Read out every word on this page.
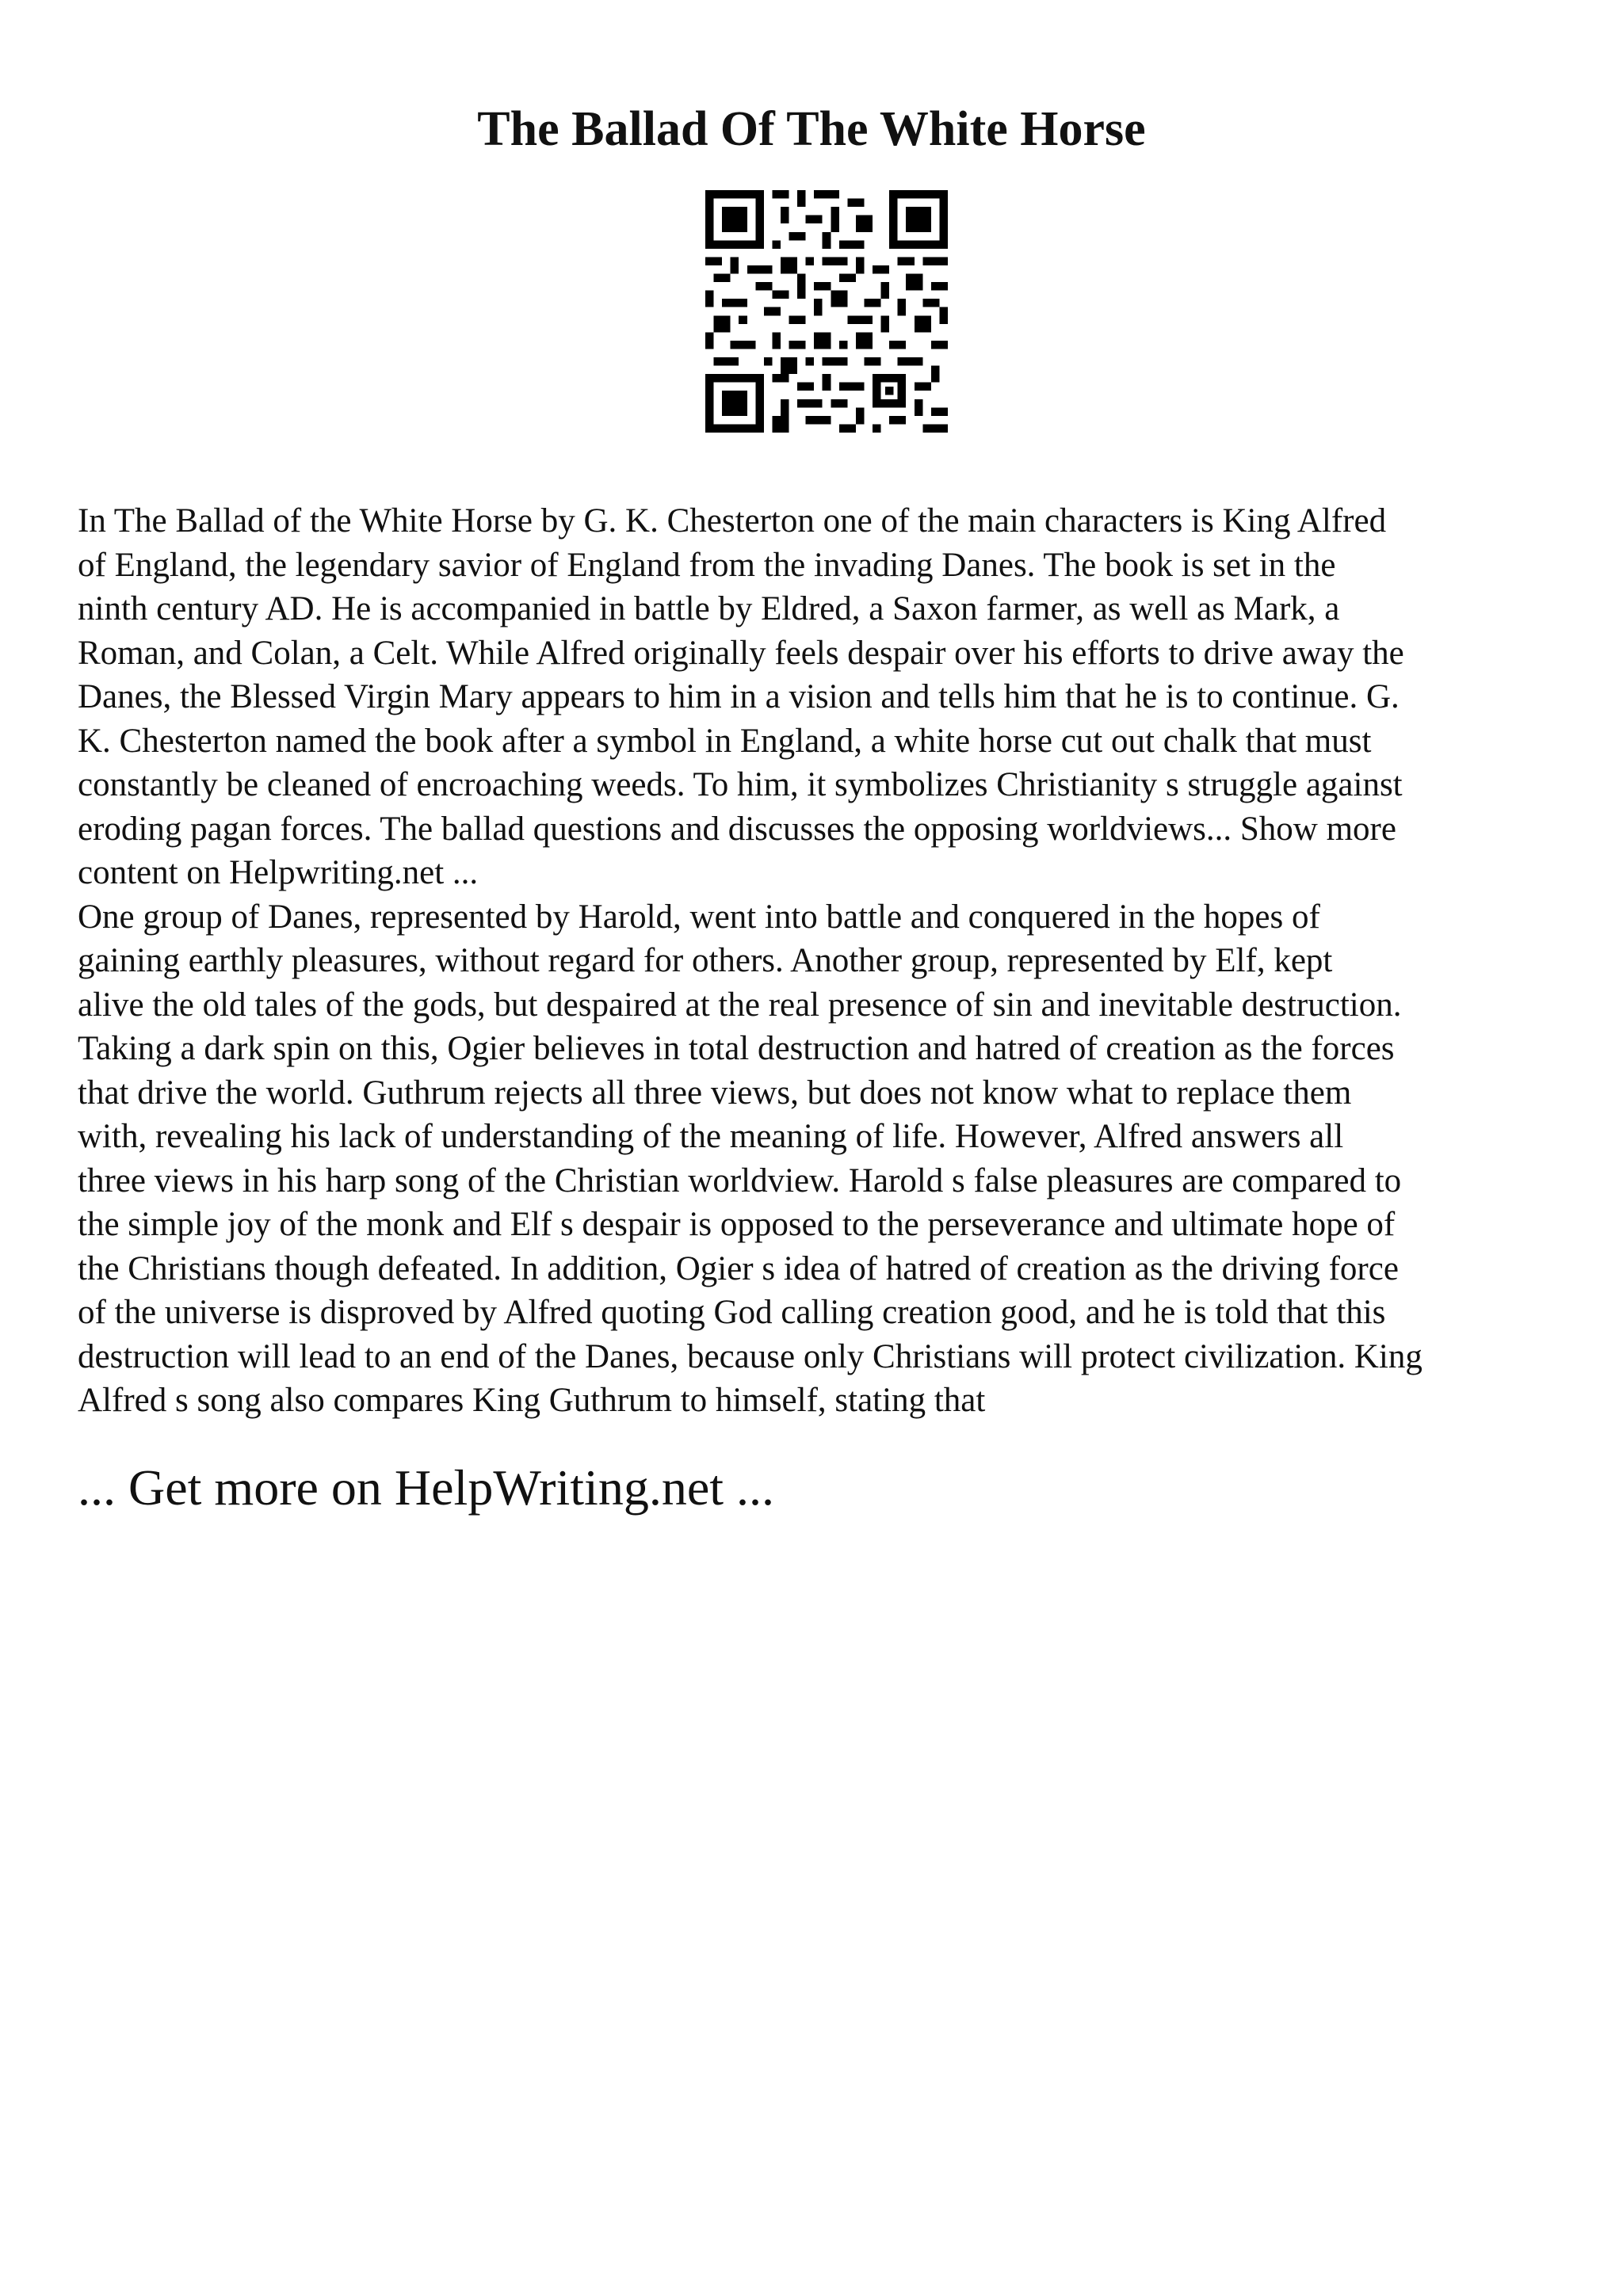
The Ballad Of The White Horse

In The Ballad of the White Horse by G. K. Chesterton one of the main characters is King Alfred
of England, the legendary savior of England from the invading Danes. The book is set in the
ninth century AD. He is accompanied in battle by Eldred, a Saxon farmer, as well as Mark, a
Roman, and Colan, a Celt. While Alfred originally feels despair over his efforts to drive away the
Danes, the Blessed Virgin Mary appears to him in a vision and tells him that he is to continue. G.
K. Chesterton named the book after a symbol in England, a white horse cut out chalk that must
constantly be cleaned of encroaching weeds. To him, it symbolizes Christianity s struggle against
eroding pagan forces. The ballad questions and discusses the opposing worldviews... Show more
content on Helpwriting.net ...

One group of Danes, represented by Harold, went into battle and conquered in the hopes of
gaining earthly pleasures, without regard for others. Another group, represented by Elf, kept
alive the old tales of the gods, but despaired at the real presence of sin and inevitable destruction.
Taking a dark spin on this, Ogier believes in total destruction and hatred of creation as the forces
that drive the world. Guthrum rejects all three views, but does not know what to replace them
with, revealing his lack of understanding of the meaning of life. However, Alfred answers all
three views in his harp song of the Christian worldview. Harold s false pleasures are compared to
the simple joy of the monk and Elf s despair is opposed to the perseverance and ultimate hope of
the Christians though defeated. In addition, Ogier s idea of hatred of creation as the driving force
of the universe is disproved by Alfred quoting God calling creation good, and he is told that this
destruction will lead to an end of the Danes, because only Christians will protect civilization. King
Alfred s song also compares King Guthrum to himself, stating that

... Get more on HelpWriting.net ...
